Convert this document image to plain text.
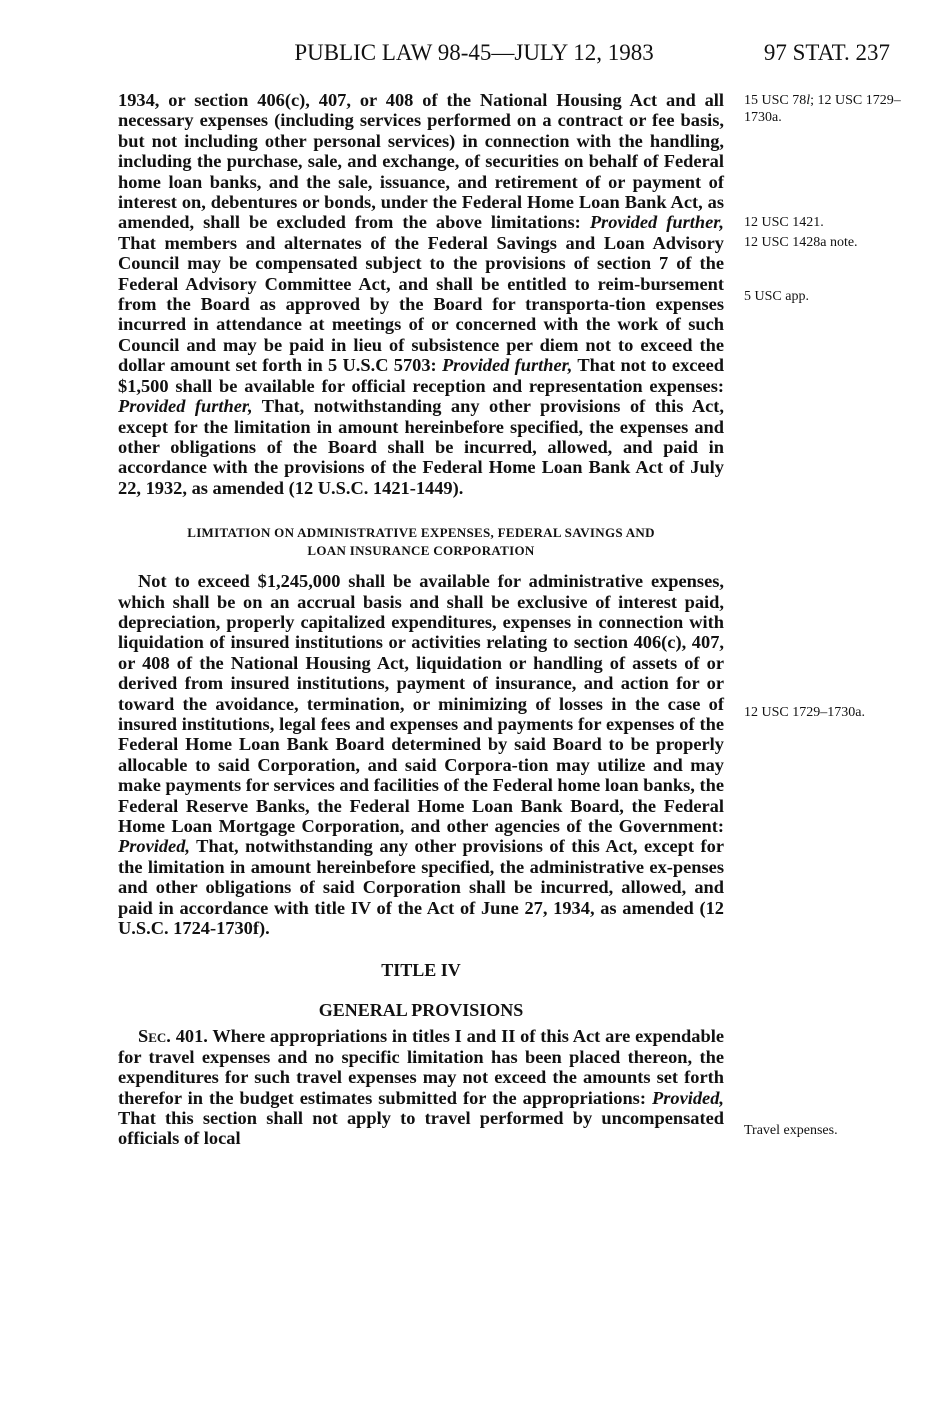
PUBLIC LAW 98-45—JULY 12, 1983	97 STAT. 237

1934, or section 406(c), 407, or 408 of the National Housing Act and all necessary expenses (including services performed on a contract or fee basis, but not including other personal services) in connection with the handling, including the purchase, sale, and exchange, of securities on behalf of Federal home loan banks, and the sale, issuance, and retirement of or payment of interest on, debentures or bonds, under the Federal Home Loan Bank Act, as amended, shall be excluded from the above limitations: Provided further, That members and alternates of the Federal Savings and Loan Advisory Council may be compensated subject to the provisions of section 7 of the Federal Advisory Committee Act, and shall be entitled to reim-bursement from the Board as approved by the Board for transporta-tion expenses incurred in attendance at meetings of or concerned with the work of such Council and may be paid in lieu of subsistence per diem not to exceed the dollar amount set forth in 5 U.S.C 5703: Provided further, That not to exceed $1,500 shall be available for official reception and representation expenses: Provided further, That, notwithstanding any other provisions of this Act, except for the limitation in amount hereinbefore specified, the expenses and other obligations of the Board shall be incurred, allowed, and paid in accordance with the provisions of the Federal Home Loan Bank Act of July 22, 1932, as amended (12 U.S.C. 1421-1449).

LIMITATION ON ADMINISTRATIVE EXPENSES, FEDERAL SAVINGS AND
LOAN INSURANCE CORPORATION

Not to exceed $1,245,000 shall be available for administrative expenses, which shall be on an accrual basis and shall be exclusive of interest paid, depreciation, properly capitalized expenditures, expenses in connection with liquidation of insured institutions or activities relating to section 406(c), 407, or 408 of the National Housing Act, liquidation or handling of assets of or derived from insured institutions, payment of insurance, and action for or toward the avoidance, termination, or minimizing of losses in the case of insured institutions, legal fees and expenses and payments for expenses of the Federal Home Loan Bank Board determined by said Board to be properly allocable to said Corporation, and said Corpora-tion may utilize and may make payments for services and facilities of the Federal home loan banks, the Federal Reserve Banks, the Federal Home Loan Bank Board, the Federal Home Loan Mortgage Corporation, and other agencies of the Government: Provided, That, notwithstanding any other provisions of this Act, except for the limitation in amount hereinbefore specified, the administrative ex-penses and other obligations of said Corporation shall be incurred, allowed, and paid in accordance with title IV of the Act of June 27, 1934, as amended (12 U.S.C. 1724-1730f).

TITLE IV
GENERAL PROVISIONS

Sec. 401. Where appropriations in titles I and II of this Act are expendable for travel expenses and no specific limitation has been placed thereon, the expenditures for such travel expenses may not exceed the amounts set forth therefor in the budget estimates submitted for the appropriations: Provided, That this section shall not apply to travel performed by uncompensated officials of local

15 USC 78l; 12 USC 1729–1730a.
12 USC 1421.
12 USC 1428a note.
5 USC app.
12 USC 1729–1730a.
Travel expenses.
